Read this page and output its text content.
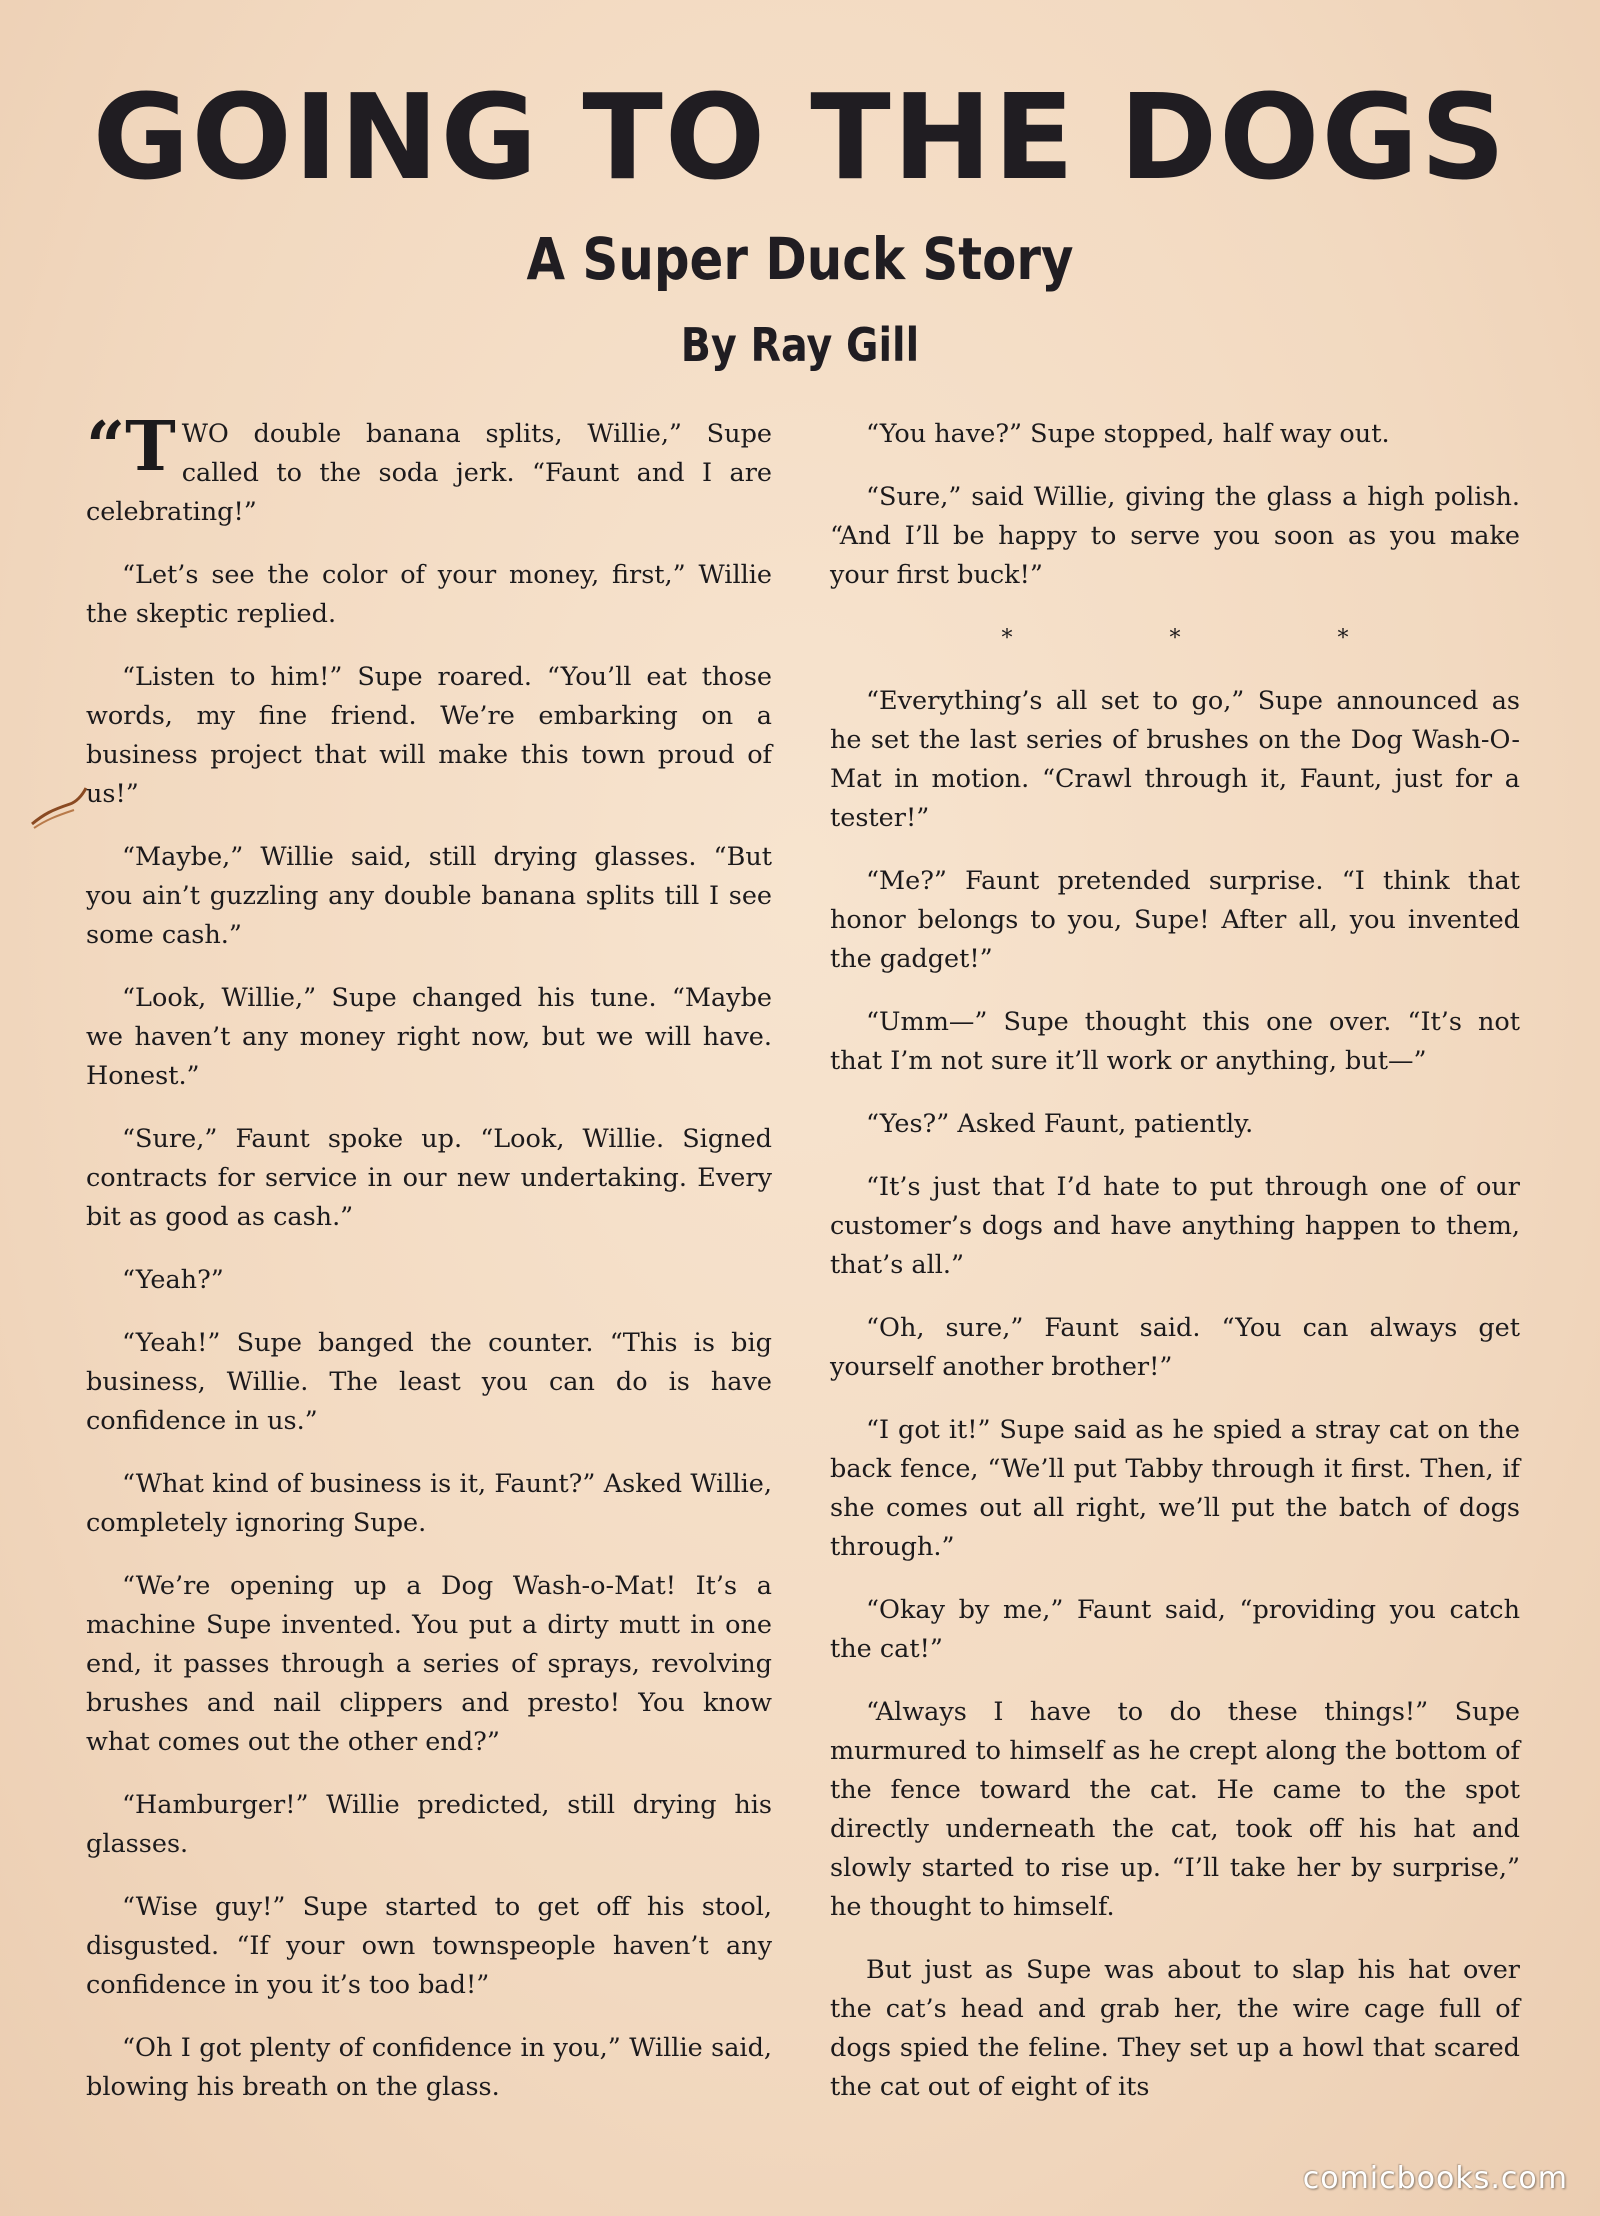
GOING TO THE DOGS
A Super Duck Story
By Ray Gill

“TWO double banana splits, Willie,” Supe called to the soda jerk. “Faunt and I are celebrating!”

“Let’s see the color of your money, first,” Willie the skeptic replied.

“Listen to him!” Supe roared. “You’ll eat those words, my fine friend. We’re embarking on a business project that will make this town proud of us!”

“Maybe,” Willie said, still drying glasses. “But you ain’t guzzling any double banana splits till I see some cash.”

“Look, Willie,” Supe changed his tune. “Maybe we haven’t any money right now, but we will have. Honest.”

“Sure,” Faunt spoke up. “Look, Willie. Signed contracts for service in our new undertaking. Every bit as good as cash.”

“Yeah?”

“Yeah!” Supe banged the counter. “This is big business, Willie. The least you can do is have confidence in us.”

“What kind of business is it, Faunt?” Asked Willie, completely ignoring Supe.

“We’re opening up a Dog Wash-o-Mat! It’s a machine Supe invented. You put a dirty mutt in one end, it passes through a series of sprays, revolving brushes and nail clippers and presto! You know what comes out the other end?”

“Hamburger!” Willie predicted, still drying his glasses.

“Wise guy!” Supe started to get off his stool, disgusted. “If your own townspeople haven’t any confidence in you it’s too bad!”

“Oh I got plenty of confidence in you,” Willie said, blowing his breath on the glass.

“You have?” Supe stopped, half way out.

“Sure,” said Willie, giving the glass a high polish. “And I’ll be happy to serve you soon as you make your first buck!”

* * *

“Everything’s all set to go,” Supe announced as he set the last series of brushes on the Dog Wash-O-Mat in motion. “Crawl through it, Faunt, just for a tester!”

“Me?” Faunt pretended surprise. “I think that honor belongs to you, Supe! After all, you invented the gadget!”

“Umm—” Supe thought this one over. “It’s not that I’m not sure it’ll work or anything, but—”

“Yes?” Asked Faunt, patiently.

“It’s just that I’d hate to put through one of our customer’s dogs and have anything happen to them, that’s all.”

“Oh, sure,” Faunt said. “You can always get yourself another brother!”

“I got it!” Supe said as he spied a stray cat on the back fence, “We’ll put Tabby through it first. Then, if she comes out all right, we’ll put the batch of dogs through.”

“Okay by me,” Faunt said, “providing you catch the cat!”

“Always I have to do these things!” Supe murmured to himself as he crept along the bottom of the fence toward the cat. He came to the spot directly underneath the cat, took off his hat and slowly started to rise up. “I’ll take her by surprise,” he thought to himself.

But just as Supe was about to slap his hat over the cat’s head and grab her, the wire cage full of dogs spied the feline. They set up a howl that scared the cat out of eight of its

comicbooks.com
